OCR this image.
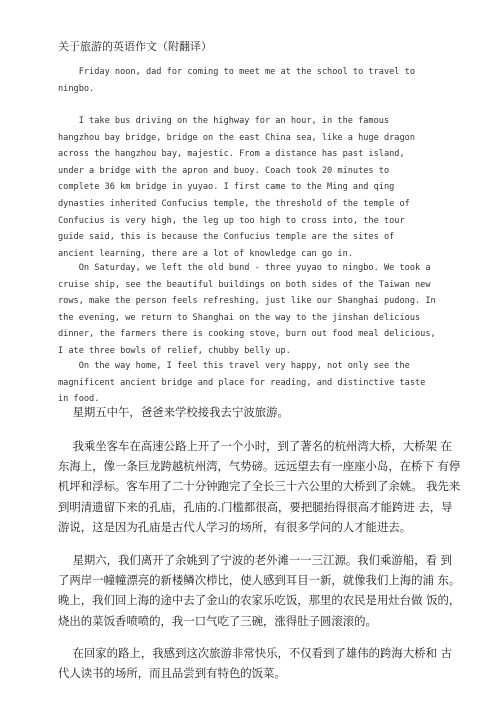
关于旅游的英语作文（附翻译）
Friday noon, dad for coming to meet me at the school to travel to
ningbo.
I take bus driving on the highway for an hour, in the famous
hangzhou bay bridge, bridge on the east China sea, like a huge dragon
across the hangzhou bay, majestic. From a distance has past island,
under a bridge with the apron and buoy. Coach took 20 minutes to
complete 36 km bridge in yuyao. I first came to the Ming and qing
dynasties inherited Confucius temple, the threshold of the temple of
Confucius is very high, the leg up too high to cross into, the tour
guide said, this is because the Confucius temple are the sites of
ancient learning, there are a lot of knowledge can go in.
On Saturday, we left the old bund - three yuyao to ningbo. We took a
cruise ship, see the beautiful buildings on both sides of the Taiwan new
rows, make the person feels refreshing, just like our Shanghai pudong. In
the evening, we return to Shanghai on the way to the jinshan delicious
dinner, the farmers there is cooking stove, burn out food meal delicious,
I ate three bowls of relief, chubby belly up.
On the way home, I feel this travel very happy, not only see the
magnificent ancient bridge and place for reading, and distinctive taste
in food.
星期五中午，爸爸来学校接我去宁波旅游。
我乘坐客车在高速公路上开了一个小时，到了著名的杭州湾大桥，大桥架 在
东海上，像一条巨龙跨越杭州湾，气势磅。远远望去有一座座小岛，在桥下 有停
机坪和浮标。客车用了二十分钟跑完了全长三十六公里的大桥到了余姚。 我先来
到明清遗留下来的孔庙，孔庙的.门槛都很高，要把腿抬得很高才能跨进 去，导
游说，这是因为孔庙是古代人学习的场所，有很多学问的人才能进去。
星期六，我们离开了余姚到了宁波的老外滩一一三江源。我们乘游船，看 到
了两岸一幢幢漂亮的新楼鳞次栉比，使人感到耳目一新，就像我们上海的浦 东。
晚上，我们回上海的途中去了金山的农家乐吃饭，那里的农民是用灶台做 饭的，
烧出的菜饭香喷喷的，我一口气吃了三碗，涨得肚子圆滚滚的。
在回家的路上，我感到这次旅游非常快乐，不仅看到了雄伟的跨海大桥和 古
代人读书的场所，而且品尝到有特色的饭菜。
